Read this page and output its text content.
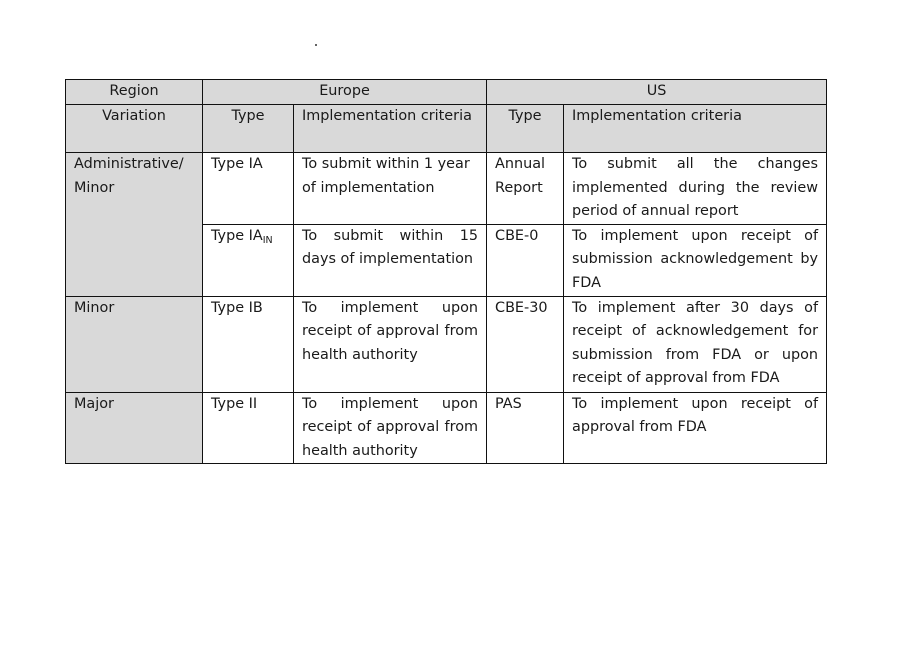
Region	Europe		US	
Variation	Type	Implementation criteria	Type	Implementation criteria
Administrative/ Minor	Type IA	To submit within 1 year of implementation	Annual Report	To submit all the changes implemented during the review period of annual report
	Type $IA_{IN}$	To submit within 15 days of implementation	CBE-0	To implement upon receipt of submission acknowledgement by FDA
Minor	Type IB	To implement upon receipt of approval from health authority	CBE-30	To implement after 30 days of receipt of acknowledgement for submission from FDA or upon receipt of approval from FDA
Major	Type II	To implement upon receipt of approval from health authority	PAS	To implement upon receipt of approval from FDA
